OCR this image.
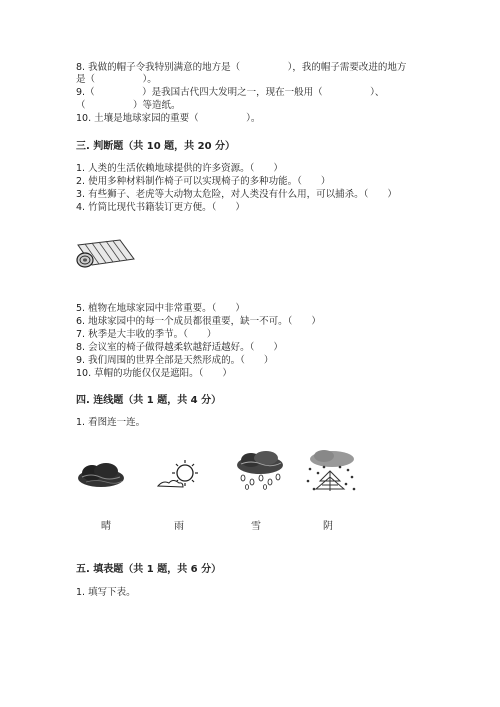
8. 我做的帽子令我特别满意的地方是（　　　　　），我的帽子需要改进的地方
是（　　　　　）。
9.（　　　　　）是我国古代四大发明之一，现在一般用（　　　　　）、
（　　　　　）等造纸。
10. 土壤是地球家园的重要（　　　　　）。
三. 判断题（共 10 题，共 20 分）
1. 人类的生活依赖地球提供的许多资源。（　　）
2. 使用多种材料制作椅子可以实现椅子的多种功能。（　　）
3. 有些狮子、老虎等大动物太危险，对人类没有什么用，可以捕杀。（　　）
4. 竹筒比现代书籍装订更方便。（　　）
5. 植物在地球家园中非常重要。（　　）
6. 地球家园中的每一个成员都很重要，缺一不可。（　　）
7. 秋季是大丰收的季节。（　　）
8. 会议室的椅子做得越柔软越舒适越好。（　　）
9. 我们周围的世界全部是天然形成的。（　　）
10. 草帽的功能仅仅是遮阳。（　　）
四. 连线题（共 1 题，共 4 分）
1. 看图连一连。
晴	雨	雪	阴
五. 填表题（共 1 题，共 6 分）
1. 填写下表。
